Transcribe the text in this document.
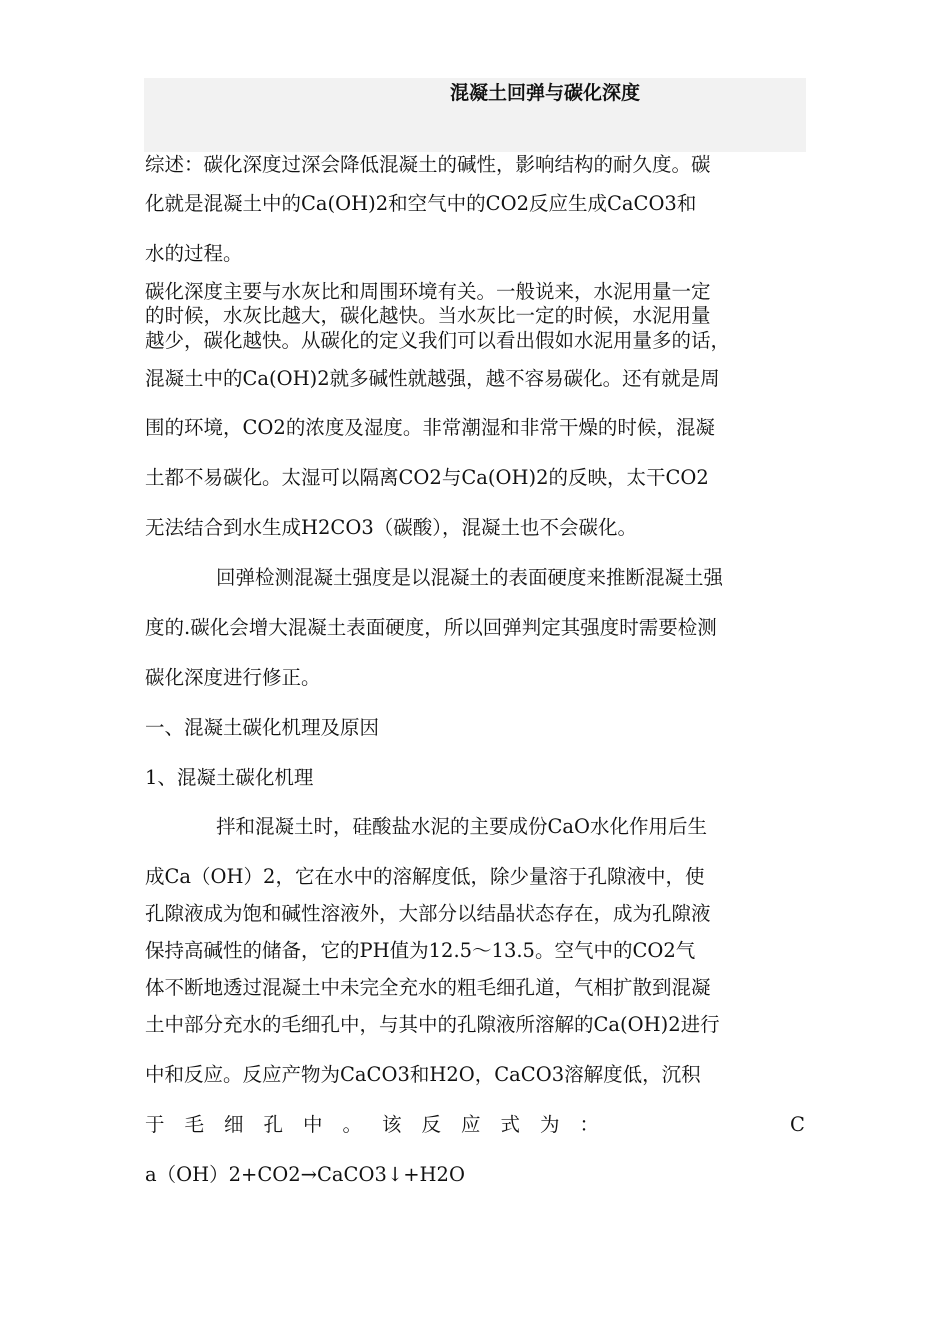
混凝土回弹与碳化深度
综述：碳化深度过深会降低混凝土的碱性，影响结构的耐久度。碳
化就是混凝土中的Ca(OH)2和空气中的CO2反应生成CaCO3和
水的过程。
碳化深度主要与水灰比和周围环境有关。一般说来，水泥用量一定
的时候，水灰比越大，碳化越快。当水灰比一定的时候，水泥用量
越少，碳化越快。从碳化的定义我们可以看出假如水泥用量多的话，
混凝土中的Ca(OH)2就多碱性就越强，越不容易碳化。还有就是周
围的环境，CO2的浓度及湿度。非常潮湿和非常干燥的时候，混凝
土都不易碳化。太湿可以隔离CO2与Ca(OH)2的反映，太干CO2
无法结合到水生成H2CO3（碳酸），混凝土也不会碳化。
回弹检测混凝土强度是以混凝土的表面硬度来推断混凝土强
度的.碳化会增大混凝土表面硬度，所以回弹判定其强度时需要检测
碳化深度进行修正。
一、混凝土碳化机理及原因
1、混凝土碳化机理
拌和混凝土时，硅酸盐水泥的主要成份CaO水化作用后生
成Ca（OH）2，它在水中的溶解度低，除少量溶于孔隙液中，使
孔隙液成为饱和碱性溶液外，大部分以结晶状态存在，成为孔隙液
保持高碱性的储备，它的PH值为12.5～13.5。空气中的CO2气
体不断地透过混凝土中未完全充水的粗毛细孔道，气相扩散到混凝
土中部分充水的毛细孔中，与其中的孔隙液所溶解的Ca(OH)2进行
中和反应。反应产物为CaCO3和H2O，CaCO3溶解度低，沉积
于毛细孔中。该反应式为：	C
a（OH）2+CO2→CaCO3↓+H2O
